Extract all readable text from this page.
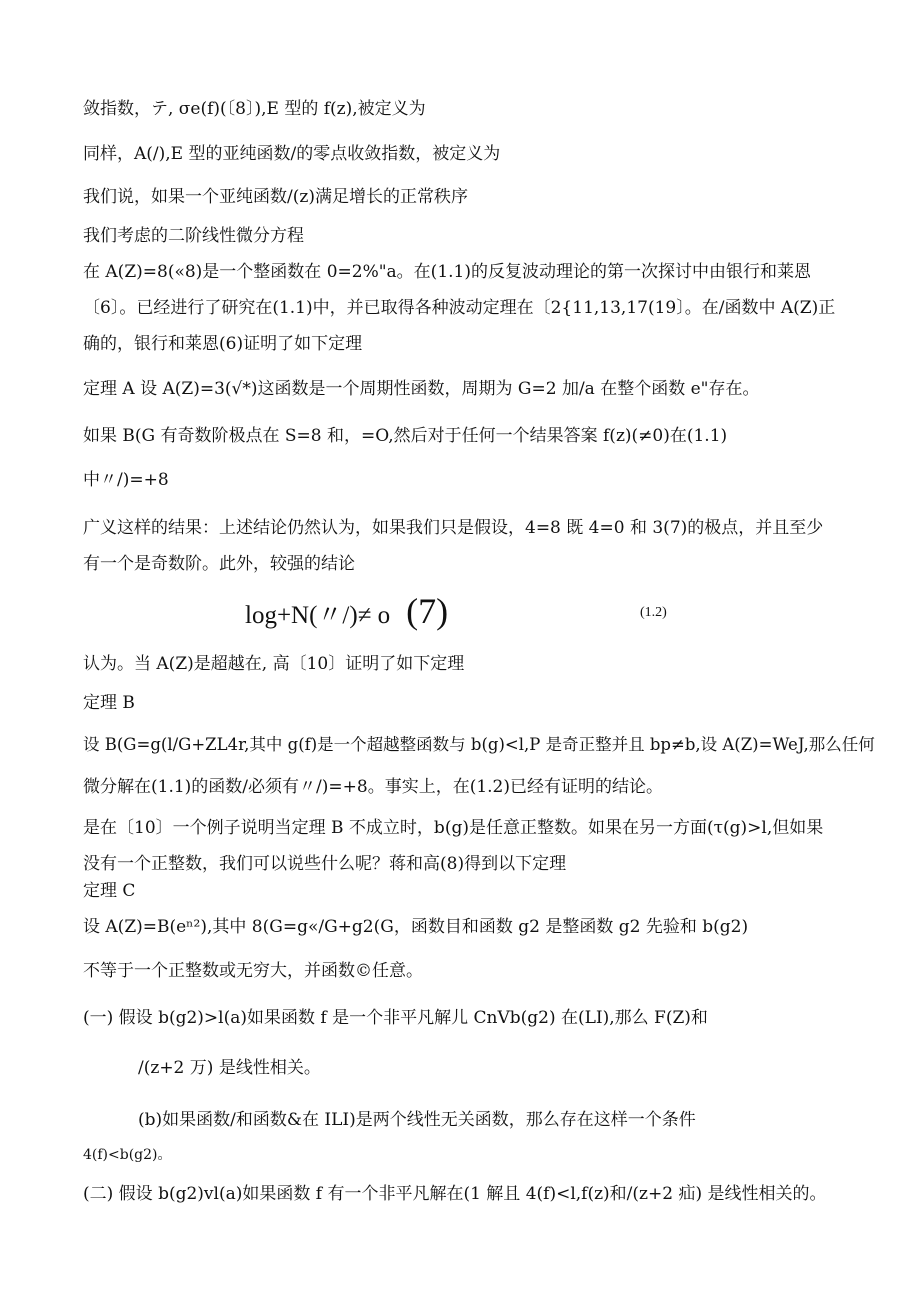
敛指数，テ, σe(f)(〔8〕),E 型的 f(z),被定义为
同样，A(/),E 型的亚纯函数/的零点收敛指数，被定义为
我们说，如果一个亚纯函数/(z)满足增长的正常秩序
我们考虑的二阶线性微分方程
在 A(Z)=8(«8)是一个整函数在 0=2%"a。在(1.1)的反复波动理论的第一次探讨中由银行和莱恩
〔6〕。已经进行了研究在(1.1)中，并已取得各种波动定理在〔2{11,13,17(19〕。在/函数中 A(Z)正
确的，银行和莱恩(6)证明了如下定理
定理 A 设 A(Z)=3(√*)这函数是一个周期性函数，周期为 G=2 加/a 在整个函数 e"存在。
如果 B(G 有奇数阶极点在 S=8 和，=O,然后对于任何一个结果答案 f(z)(≠0)在(1.1)
中〃/)=+8
广义这样的结果：上述结论仍然认为，如果我们只是假设，4=8 既 4=0 和 3(7)的极点，并且至少
有一个是奇数阶。此外，较强的结论
log+N(〃/)≠ o (7)	(1.2)
认为。当 A(Z)是超越在, 高〔10〕证明了如下定理
定理 B
设 B(G=g(l/G+ZL4r,其中 g(f)是一个超越整函数与 b(g)<l,P 是奇正整并且 bp≠b,设 A(Z)=WeJ,那么任何
微分解在(1.1)的函数/必须有〃/)=+8。事实上，在(1.2)已经有证明的结论。
是在〔10〕一个例子说明当定理 B 不成立时，b(g)是任意正整数。如果在另一方面(τ(g)>l,但如果
没有一个正整数，我们可以说些什么呢？蒋和高(8)得到以下定理
定理 C
设 A(Z)=B(eⁿ²),其中 8(G=g«/G+g2(G，函数目和函数 g2 是整函数 g2 先验和 b(g2)
不等于一个正整数或无穷大，并函数©任意。
(一) 假设 b(g2)>l(a)如果函数 f 是一个非平凡解儿 CnVb(g2) 在(LI),那么 F(Z)和
/(z+2 万) 是线性相关。
(b)如果函数/和函数&在 ILI)是两个线性无关函数，那么存在这样一个条件
4(f)<b(g2)。
(二) 假设 b(g2)vl(a)如果函数 f 有一个非平凡解在(1 解且 4(f)<l,f(z)和/(z+2 疝) 是线性相关的。
